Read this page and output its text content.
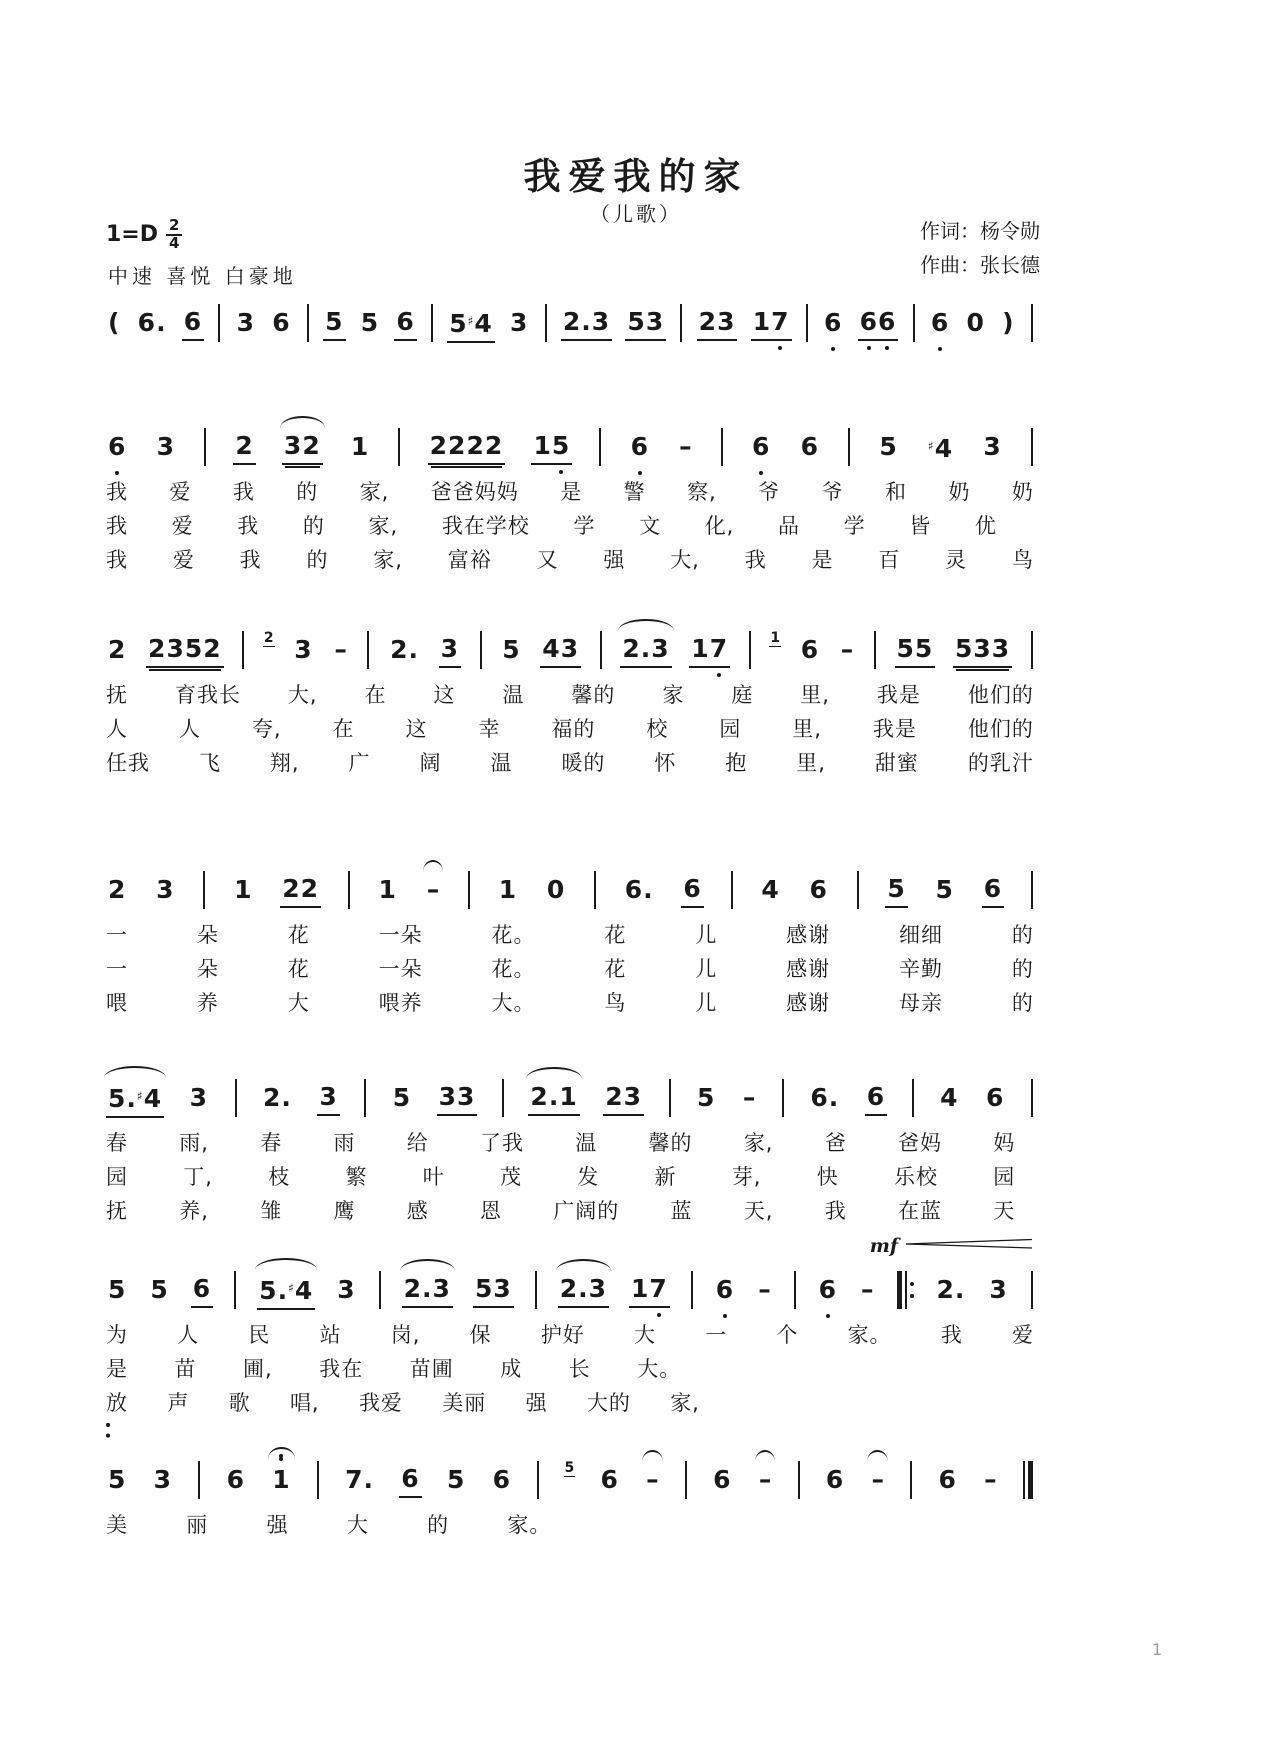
我爱我的家
（儿歌）
$1=D \frac{2}{4}$	作词：杨令勋
作曲：张长德
中速 喜悦 白豪地
( 6. 6 3 6 5 5 6 5♯4 3 2.3 53 23 17 6 6
6 6 0 )
6 3 2 32 1 2222 15 6 – 6 6 5	♯4 3
我 爱 我 的 家, 爸爸妈妈 是 警 察, 爷 爷 和 奶 奶
我 爱 我 的 家, 我在学校 学 文 化, 品 学 皆 优
我 爱 我 的 家, 富裕 又 强 大, 我 是 百 灵 鸟
2 2352	2 3 – 2. 3 5 43 2.3 17	1 6 – 55 533
抚 育我长 大, 在 这 温 馨的 家 庭 里, 我是 他们的
人 人 夸, 在 这 幸 福的 校 园 里, 我是 他们的
任我 飞 翔, 广 阔 温 暖的 怀 抱 里, 甜蜜 的乳汁
2 3 1 22 1 – 1 0 6. 6 4 6 5 5 6
一	朵	花	一朵	花。	花	儿	感谢	细细	的
一	朵	花	一朵	花。	花	儿	感谢	辛勤	的
喂	养	大	喂养	大。	鸟	儿	感谢	母亲	的
5.♯4 3 2. 3 5 33 2.1 23 5 – 6. 6 4 6
春 雨, 春 雨 给 了我 温 馨的 家, 爸 爸妈 妈
园	丁,	枝	繁	叶	茂	发	新	芽,	快	乐校	园
抚 养, 雏 鹰 感 恩 广阔的 蓝 天, 我 在蓝 天
mf
5 5 6 5.♯4 3 2.3 53 2.3 17 6 – 6 –	2. 3
为 人 民 站 岗, 保 护好 大 一 个 家。 我 爱
是 苗 圃, 我在 苗圃 成 长 大。
放 声 歌 唱, 我爱 美丽 强 大的 家,
：
5 3 6 1 7. 6 5 6	5 6 – 6 – 6 – 6 –
美	丽	强	大	的	家。
1
